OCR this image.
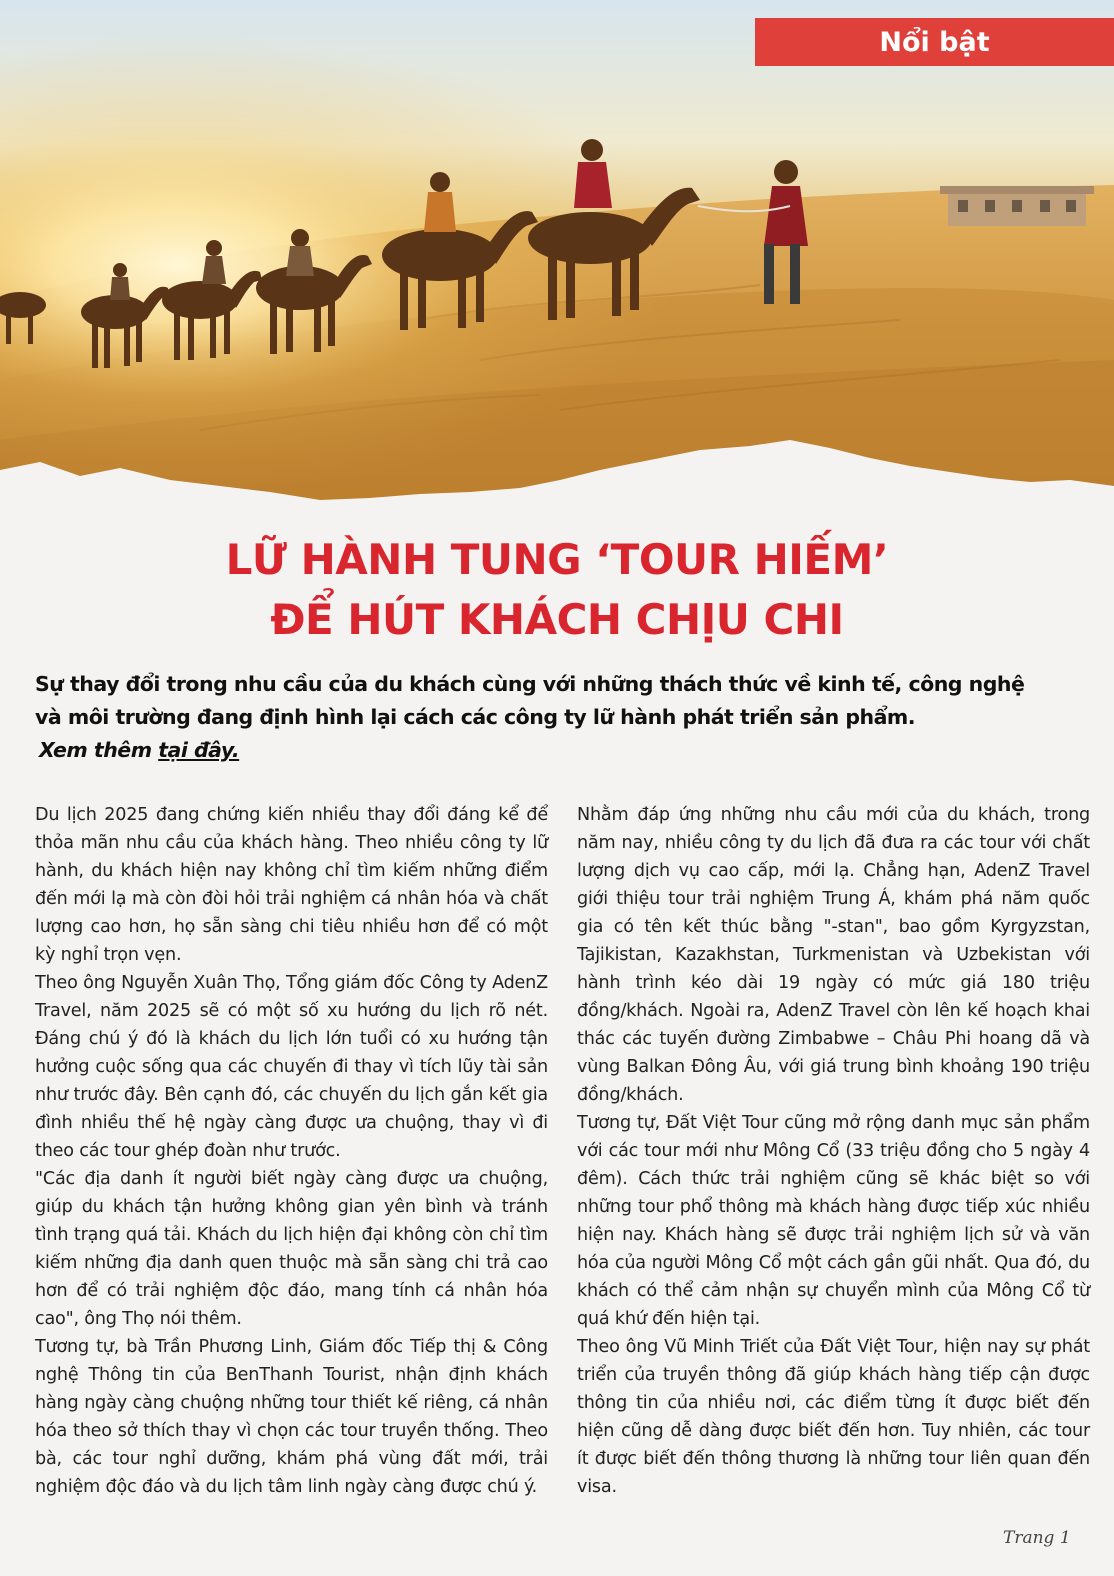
Nổi bật
LỮ HÀNH TUNG ‘TOUR HIẾM’
ĐỂ HÚT KHÁCH CHỊU CHI
Sự thay đổi trong nhu cầu của du khách cùng với những thách thức về kinh tế, công nghệ
và môi trường đang định hình lại cách các công ty lữ hành phát triển sản phẩm.
Xem thêm tại đây.

Du lịch 2025 đang chứng kiến nhiều thay đổi đáng kể để thỏa mãn nhu cầu của khách hàng. Theo nhiều công ty lữ hành, du khách hiện nay không chỉ tìm kiếm những điểm đến mới lạ mà còn đòi hỏi trải nghiệm cá nhân hóa và chất lượng cao hơn, họ sẵn sàng chi tiêu nhiều hơn để có một kỳ nghỉ trọn vẹn.

Theo ông Nguyễn Xuân Thọ, Tổng giám đốc Công ty AdenZ Travel, năm 2025 sẽ có một số xu hướng du lịch rõ nét. Đáng chú ý đó là khách du lịch lớn tuổi có xu hướng tận hưởng cuộc sống qua các chuyến đi thay vì tích lũy tài sản như trước đây. Bên cạnh đó, các chuyến du lịch gắn kết gia đình nhiều thế hệ ngày càng được ưa chuộng, thay vì đi theo các tour ghép đoàn như trước.

"Các địa danh ít người biết ngày càng được ưa chuộng, giúp du khách tận hưởng không gian yên bình và tránh tình trạng quá tải. Khách du lịch hiện đại không còn chỉ tìm kiếm những địa danh quen thuộc mà sẵn sàng chi trả cao hơn để có trải nghiệm độc đáo, mang tính cá nhân hóa cao", ông Thọ nói thêm.

Tương tự, bà Trần Phương Linh, Giám đốc Tiếp thị & Công nghệ Thông tin của BenThanh Tourist, nhận định khách hàng ngày càng chuộng những tour thiết kế riêng, cá nhân hóa theo sở thích thay vì chọn các tour truyền thống. Theo bà, các tour nghỉ dưỡng, khám phá vùng đất mới, trải nghiệm độc đáo và du lịch tâm linh ngày càng được chú ý.

Nhằm đáp ứng những nhu cầu mới của du khách, trong năm nay, nhiều công ty du lịch đã đưa ra các tour với chất lượng dịch vụ cao cấp, mới lạ. Chẳng hạn, AdenZ Travel giới thiệu tour trải nghiệm Trung Á, khám phá năm quốc gia có tên kết thúc bằng "-stan", bao gồm Kyrgyzstan, Tajikistan, Kazakhstan, Turkmenistan và Uzbekistan với hành trình kéo dài 19 ngày có mức giá 180 triệu đồng/khách. Ngoài ra, AdenZ Travel còn lên kế hoạch khai thác các tuyến đường Zimbabwe – Châu Phi hoang dã và vùng Balkan Đông Âu, với giá trung bình khoảng 190 triệu đồng/khách.

Tương tự, Đất Việt Tour cũng mở rộng danh mục sản phẩm với các tour mới như Mông Cổ (33 triệu đồng cho 5 ngày 4 đêm). Cách thức trải nghiệm cũng sẽ khác biệt so với những tour phổ thông mà khách hàng được tiếp xúc nhiều hiện nay. Khách hàng sẽ được trải nghiệm lịch sử và văn hóa của người Mông Cổ một cách gần gũi nhất. Qua đó, du khách có thể cảm nhận sự chuyển mình của Mông Cổ từ quá khứ đến hiện tại.

Theo ông Vũ Minh Triết của Đất Việt Tour, hiện nay sự phát triển của truyền thông đã giúp khách hàng tiếp cận được thông tin của nhiều nơi, các điểm từng ít được biết đến hiện cũng dễ dàng được biết đến hơn. Tuy nhiên, các tour ít được biết đến thông thương là những tour liên quan đến visa.

Trang 1
